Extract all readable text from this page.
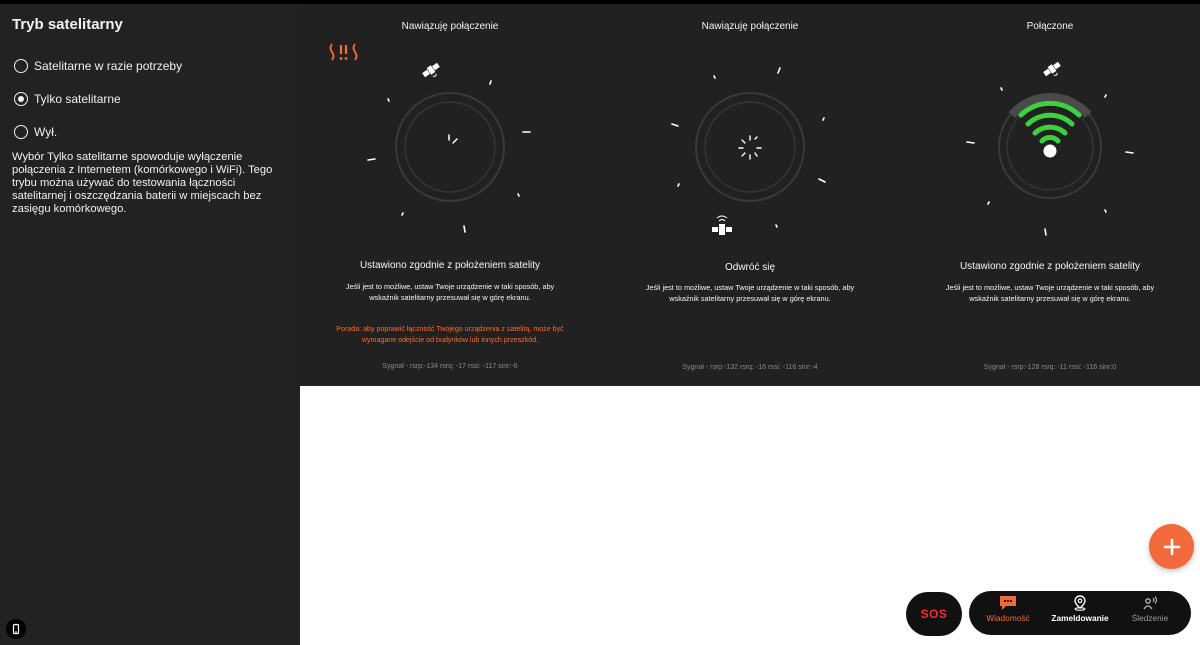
Tryb satelitarny
Satelitarne w razie potrzeby
Tylko satelitarne
Wył.
Wybór Tylko satelitarne spowoduje wyłączenie połączenia z Internetem (komórkowego i WiFi). Tego trybu można używać do testowania łączności satelitarnej i oszczędzania baterii w miejscach bez zasięgu komórkowego.
Nawiązuję połączenie
Ustawiono zgodnie z położeniem satelity
Jeśli jest to możliwe, ustaw Twoje urządzenie w taki sposób, aby wskaźnik satelitarny przesuwał się w górę ekranu.
Porada: aby poprawić łączność Twojego urządzenia z satelitą, może być wymagane odejście od budynków lub innych przeszkód.
Sygnał - rsrp:-134 rsrq: -17 rssi: -117 sinr:-6
Nawiązuję połączenie
Odwróć się
Jeśli jest to możliwe, ustaw Twoje urządzenie w taki sposób, aby wskaźnik satelitarny przesuwał się w górę ekranu.
Sygnał - rsrp:-132 rsrq: -16 rssi: -116 sinr:-4
Połączone
Ustawiono zgodnie z położeniem satelity
Jeśli jest to możliwe, ustaw Twoje urządzenie w taki sposób, aby wskaźnik satelitarny przesuwał się w górę ekranu.
Sygnał - rsrp:-128 rsrq: -11 rssi: -116 sinr:0
SOS	Wiadomość	Zameldowanie	Śledzenie
